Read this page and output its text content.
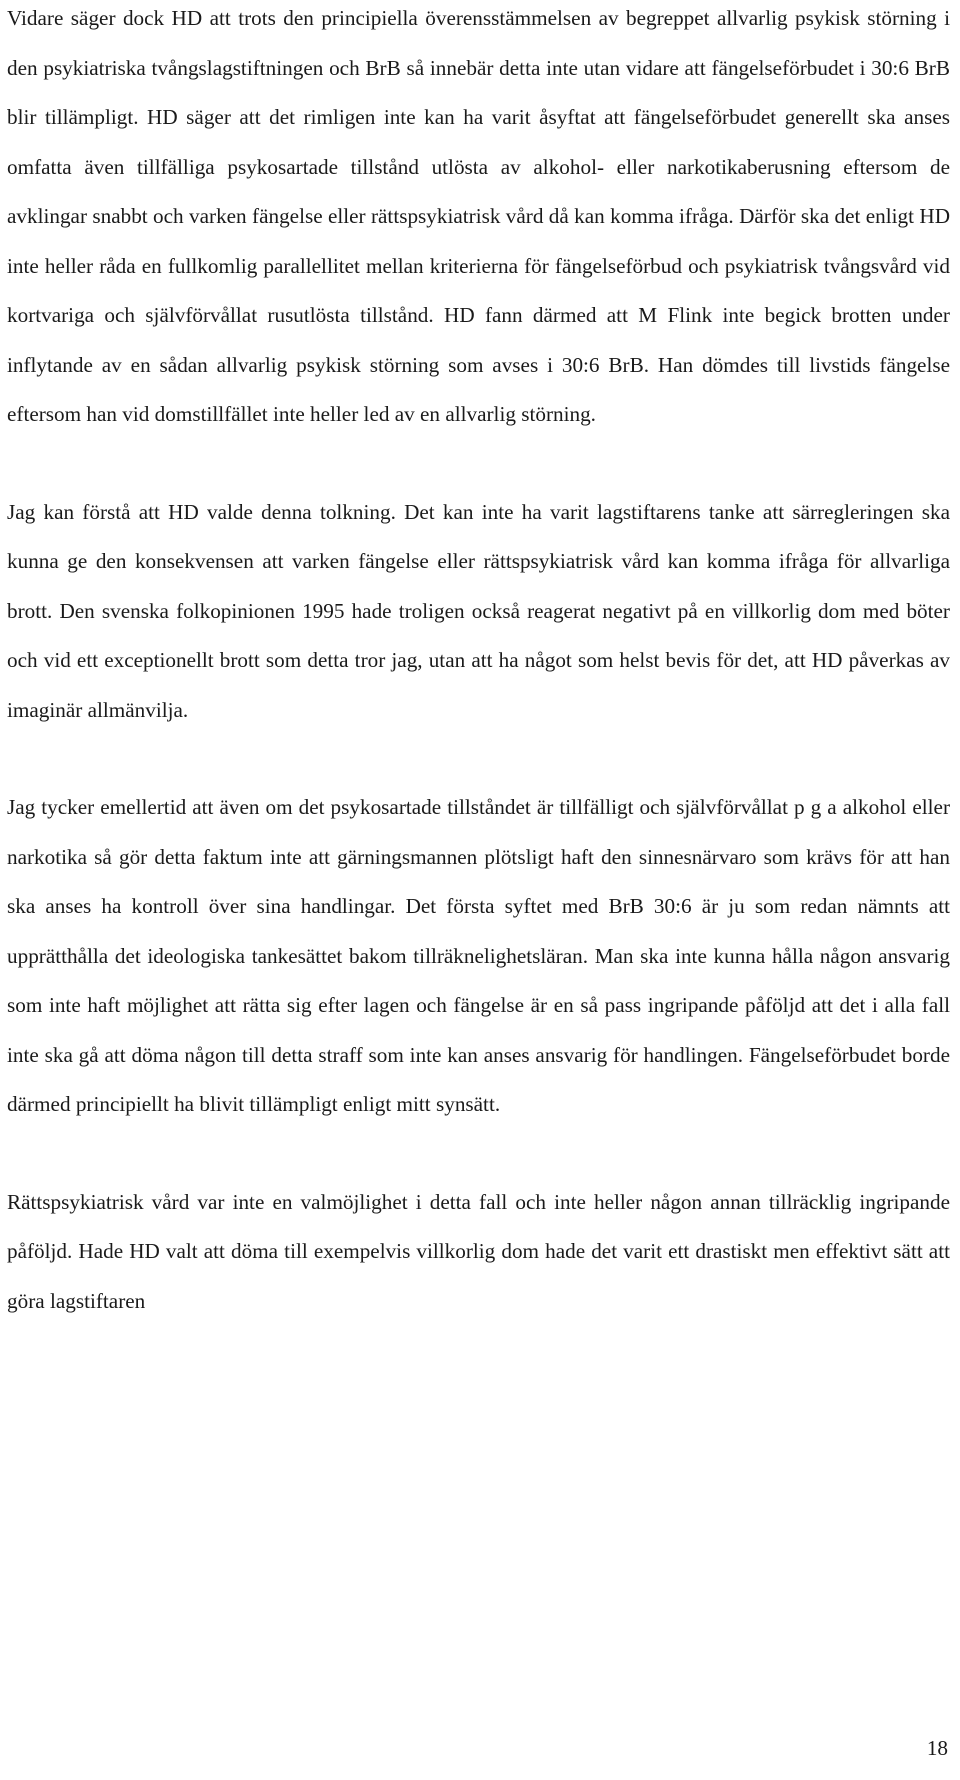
Vidare säger dock HD att trots den principiella överensstämmelsen av begreppet allvarlig psykisk störning i den psykiatriska tvångslagstiftningen och BrB så innebär detta inte utan vidare att fängelseförbudet i 30:6 BrB blir tillämpligt. HD säger att det rimligen inte kan ha varit åsyftat att fängelseförbudet generellt ska anses omfatta även tillfälliga psykosartade tillstånd utlösta av alkohol- eller narkotikaberusning eftersom de avklingar snabbt och varken fängelse eller rättspsykiatrisk vård då kan komma ifråga. Därför ska det enligt HD inte heller råda en fullkomlig parallellitet mellan kriterierna för fängelseförbud och psykiatrisk tvångsvård vid kortvariga och självförvållat rusutlösta tillstånd. HD fann därmed att M Flink inte begick brotten under inflytande av en sådan allvarlig psykisk störning som avses i 30:6 BrB. Han dömdes till livstids fängelse eftersom han vid domstillfället inte heller led av en allvarlig störning.

Jag kan förstå att HD valde denna tolkning. Det kan inte ha varit lagstiftarens tanke att särregleringen ska kunna ge den konsekvensen att varken fängelse eller rättspsykiatrisk vård kan komma ifråga för allvarliga brott. Den svenska folkopinionen 1995 hade troligen också reagerat negativt på en villkorlig dom med böter och vid ett exceptionellt brott som detta tror jag, utan att ha något som helst bevis för det, att HD påverkas av imaginär allmänvilja.

Jag tycker emellertid att även om det psykosartade tillståndet är tillfälligt och självförvållat p g a alkohol eller narkotika så gör detta faktum inte att gärningsmannen plötsligt haft den sinnesnärvaro som krävs för att han ska anses ha kontroll över sina handlingar. Det första syftet med BrB 30:6 är ju som redan nämnts att upprätthålla det ideologiska tankesättet bakom tillräknelighetsläran. Man ska inte kunna hålla någon ansvarig som inte haft möjlighet att rätta sig efter lagen och fängelse är en så pass ingripande påföljd att det i alla fall inte ska gå att döma någon till detta straff som inte kan anses ansvarig för handlingen. Fängelseförbudet borde därmed principiellt ha blivit tillämpligt enligt mitt synsätt.

Rättspsykiatrisk vård var inte en valmöjlighet i detta fall och inte heller någon annan tillräcklig ingripande påföljd. Hade HD valt att döma till exempelvis villkorlig dom hade det varit ett drastiskt men effektivt sätt att göra lagstiftaren

18
